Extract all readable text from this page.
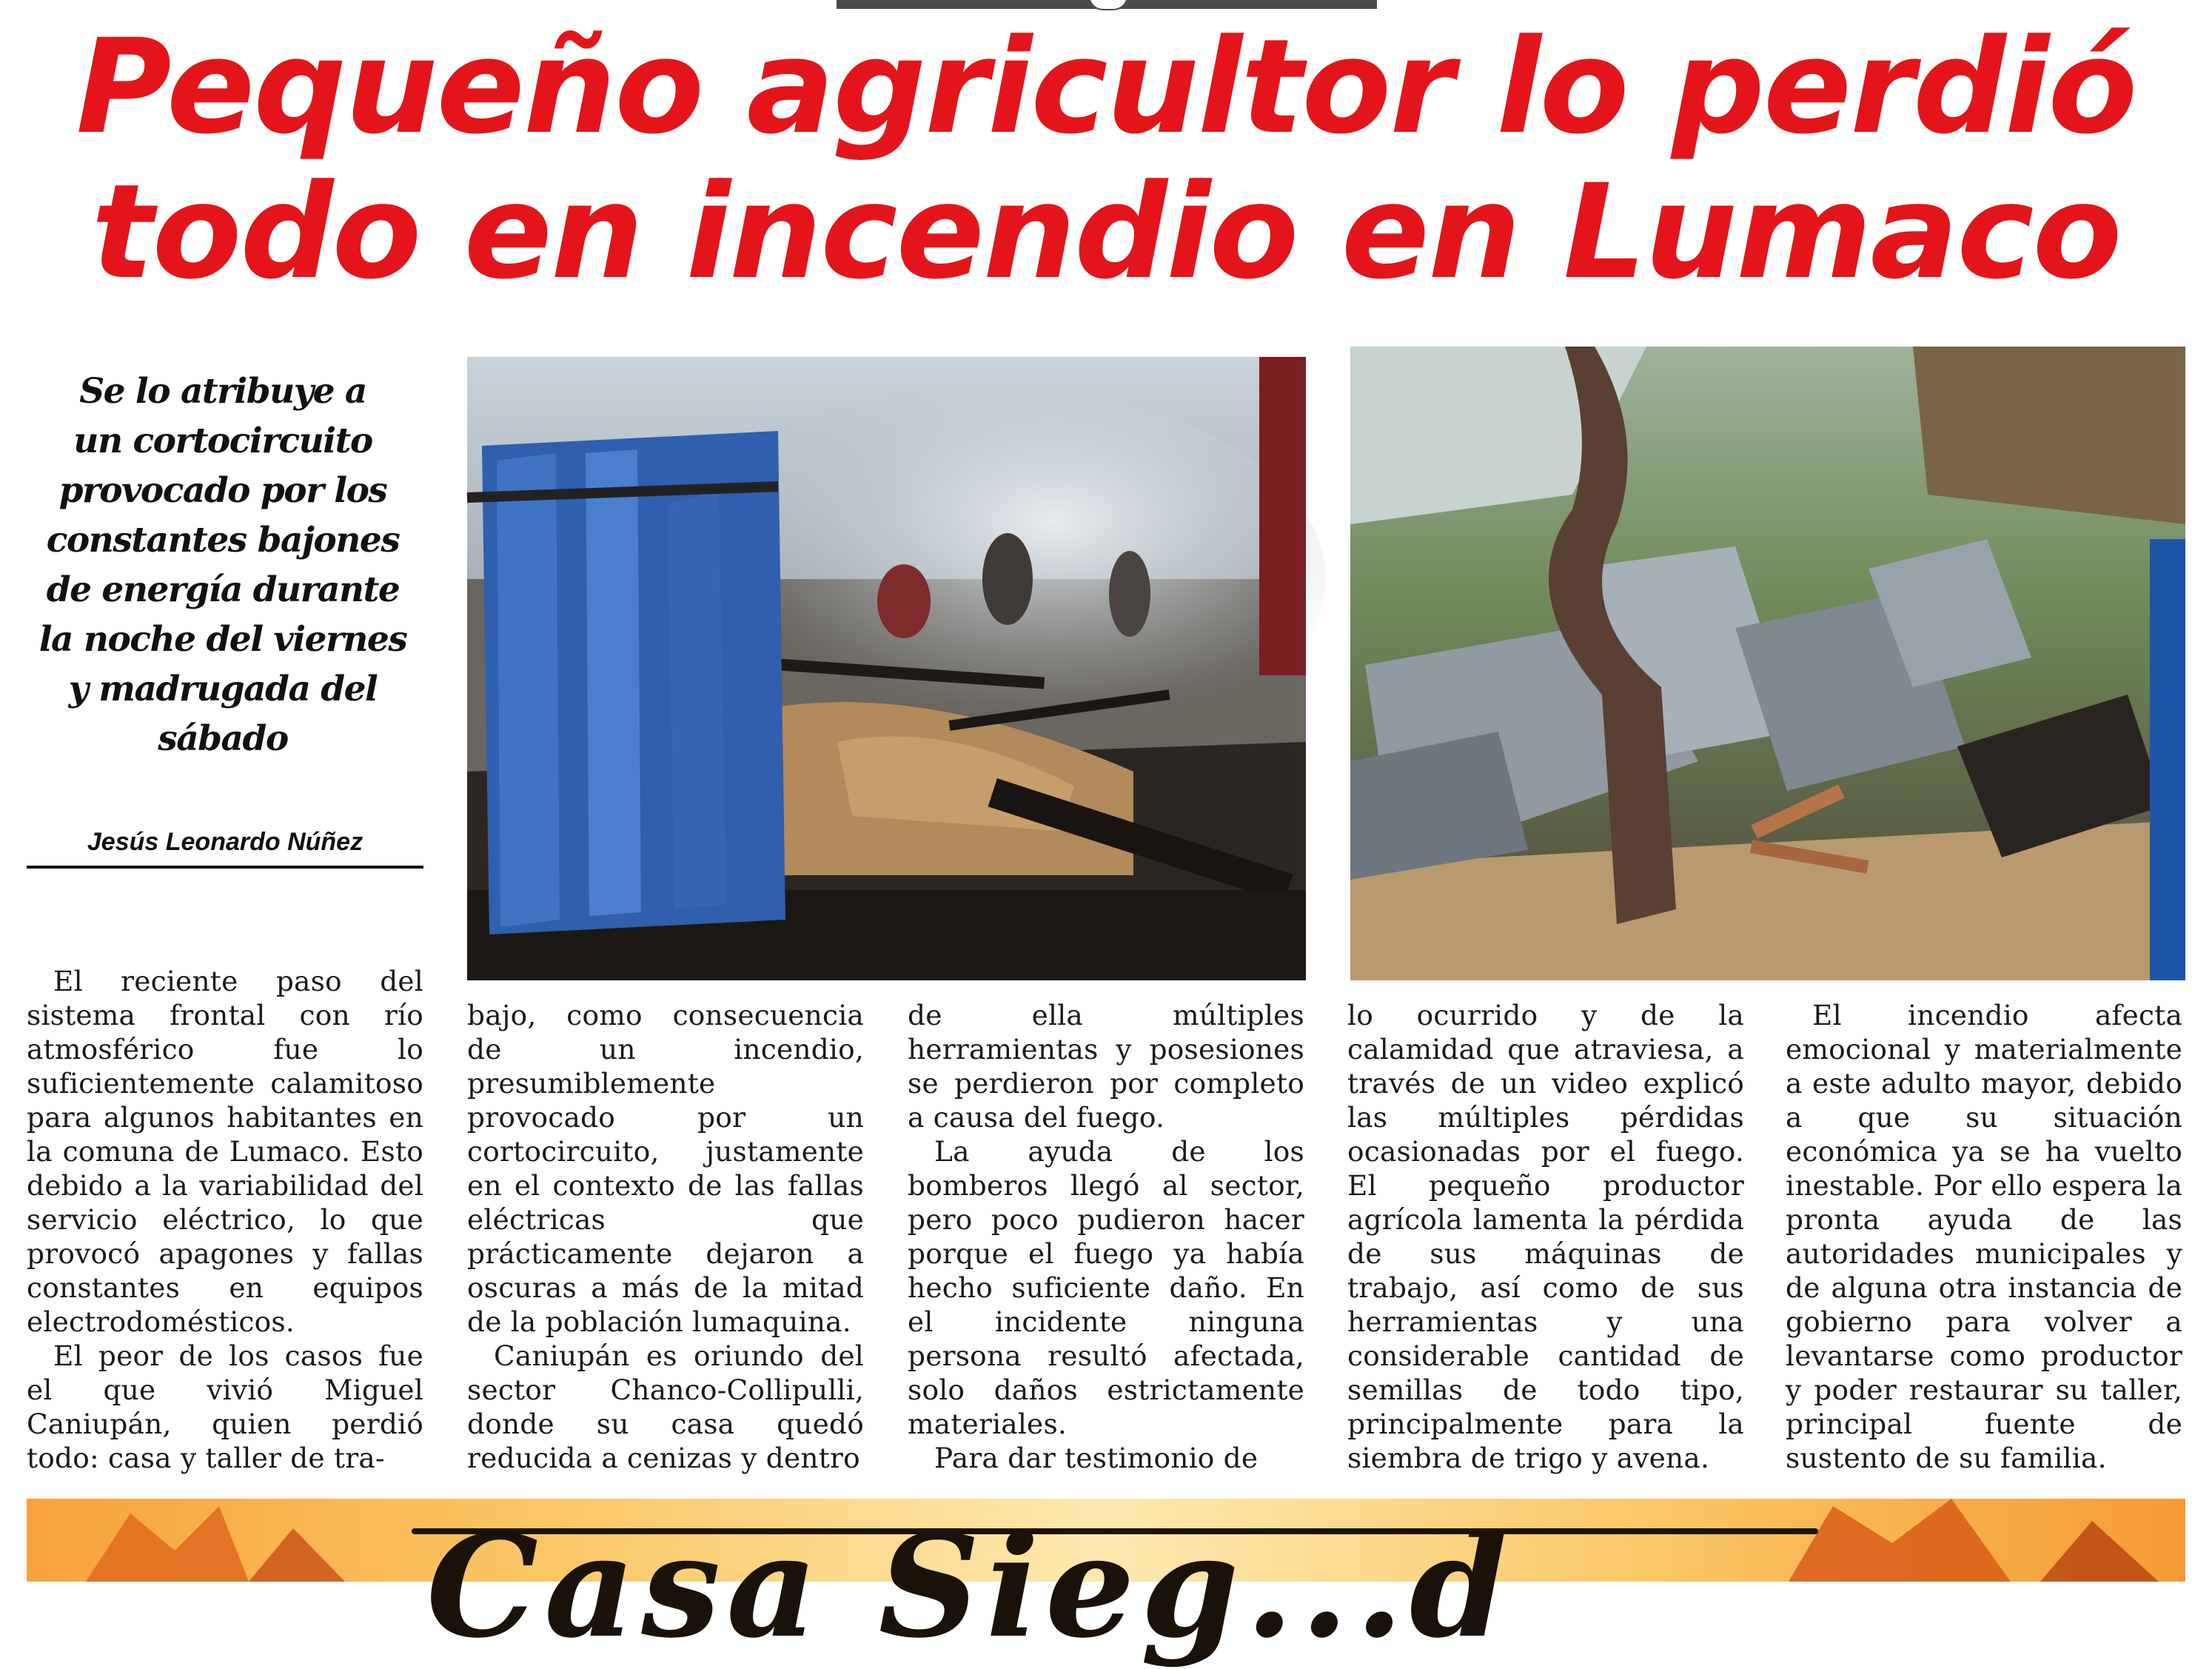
Pequeño agricultor lo perdió
todo en incendio en Lumaco
Se lo atribuye a
un cortocircuito
provocado por los
constantes bajones
de energía durante
la noche del viernes
y madrugada del
sábado
Jesús Leonardo Núñez

El reciente paso del sistema frontal con río atmosférico fue lo suficientemente calamitoso para algunos habitantes en la comuna de Lumaco. Esto debido a la variabilidad del servicio eléctrico, lo que provocó apagones y fallas constantes en equipos electrodomésticos.

El peor de los casos fue el que vivió Miguel Caniupán, quien perdió todo: casa y taller de tra-

bajo, como consecuencia de un incendio, presumiblemente provocado por un cortocircuito, justamente en el contexto de las fallas eléctricas que prácticamente dejaron a oscuras a más de la mitad de la población lumaquina.

Caniupán es oriundo del sector Chanco-Collipulli, donde su casa quedó reducida a cenizas y dentro

de ella múltiples herramientas y posesiones se perdieron por completo a causa del fuego.

La ayuda de los bomberos llegó al sector, pero poco pudieron hacer porque el fuego ya había hecho suficiente daño. En el incidente ninguna persona resultó afectada, solo daños estrictamente materiales.

Para dar testimonio de

lo ocurrido y de la calamidad que atraviesa, a través de un video explicó las múltiples pérdidas ocasionadas por el fuego. El pequeño productor agrícola lamenta la pérdida de sus máquinas de trabajo, así como de sus herramientas y una considerable cantidad de semillas de todo tipo, principalmente para la siembra de trigo y avena.

El incendio afecta emocional y materialmente a este adulto mayor, debido a que su situación económica ya se ha vuelto inestable. Por ello espera la pronta ayuda de las autoridades municipales y de alguna otra instancia de gobierno para volver a levantarse como productor y poder restaurar su taller, principal fuente de sustento de su familia.

Casa Sieg...d
